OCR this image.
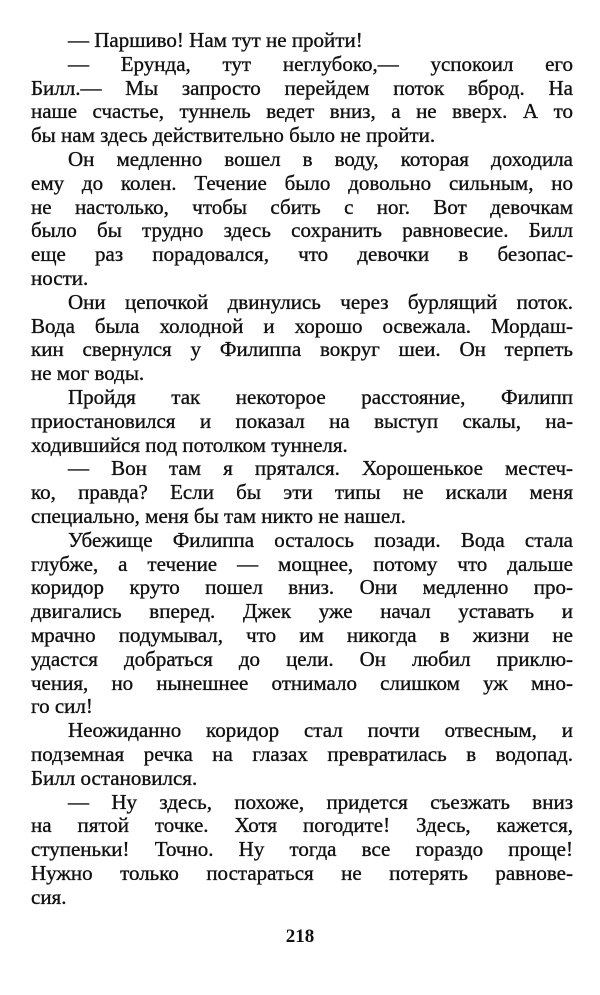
— Паршиво! Нам тут не пройти!
— Ерунда, тут неглубоко,— успокоил его
Билл.— Мы запросто перейдем поток вброд. На
наше счастье, туннель ведет вниз, а не вверх. А то
бы нам здесь действительно было не пройти.
Он медленно вошел в воду, которая доходила
ему до колен. Течение было довольно сильным, но
не настолько, чтобы сбить с ног. Вот девочкам
было бы трудно здесь сохранить равновесие. Билл
еще раз порадовался, что девочки в безопас-
ности.
Они цепочкой двинулись через бурлящий поток.
Вода была холодной и хорошо освежала. Мордаш-
кин свернулся у Филиппа вокруг шеи. Он терпеть
не мог воды.
Пройдя так некоторое расстояние, Филипп
приостановился и показал на выступ скалы, на-
ходившийся под потолком туннеля.
— Вон там я прятался. Хорошенькое местеч-
ко, правда? Если бы эти типы не искали меня
специально, меня бы там никто не нашел.
Убежище Филиппа осталось позади. Вода стала
глубже, а течение — мощнее, потому что дальше
коридор круто пошел вниз. Они медленно про-
двигались вперед. Джек уже начал уставать и
мрачно подумывал, что им никогда в жизни не
удастся добраться до цели. Он любил приклю-
чения, но нынешнее отнимало слишком уж мно-
го сил!
Неожиданно коридор стал почти отвесным, и
подземная речка на глазах превратилась в водопад.
Билл остановился.
— Ну здесь, похоже, придется съезжать вниз
на пятой точке. Хотя погодите! Здесь, кажется,
ступеньки! Точно. Ну тогда все гораздо проще!
Нужно только постараться не потерять равнове-
сия.
218
